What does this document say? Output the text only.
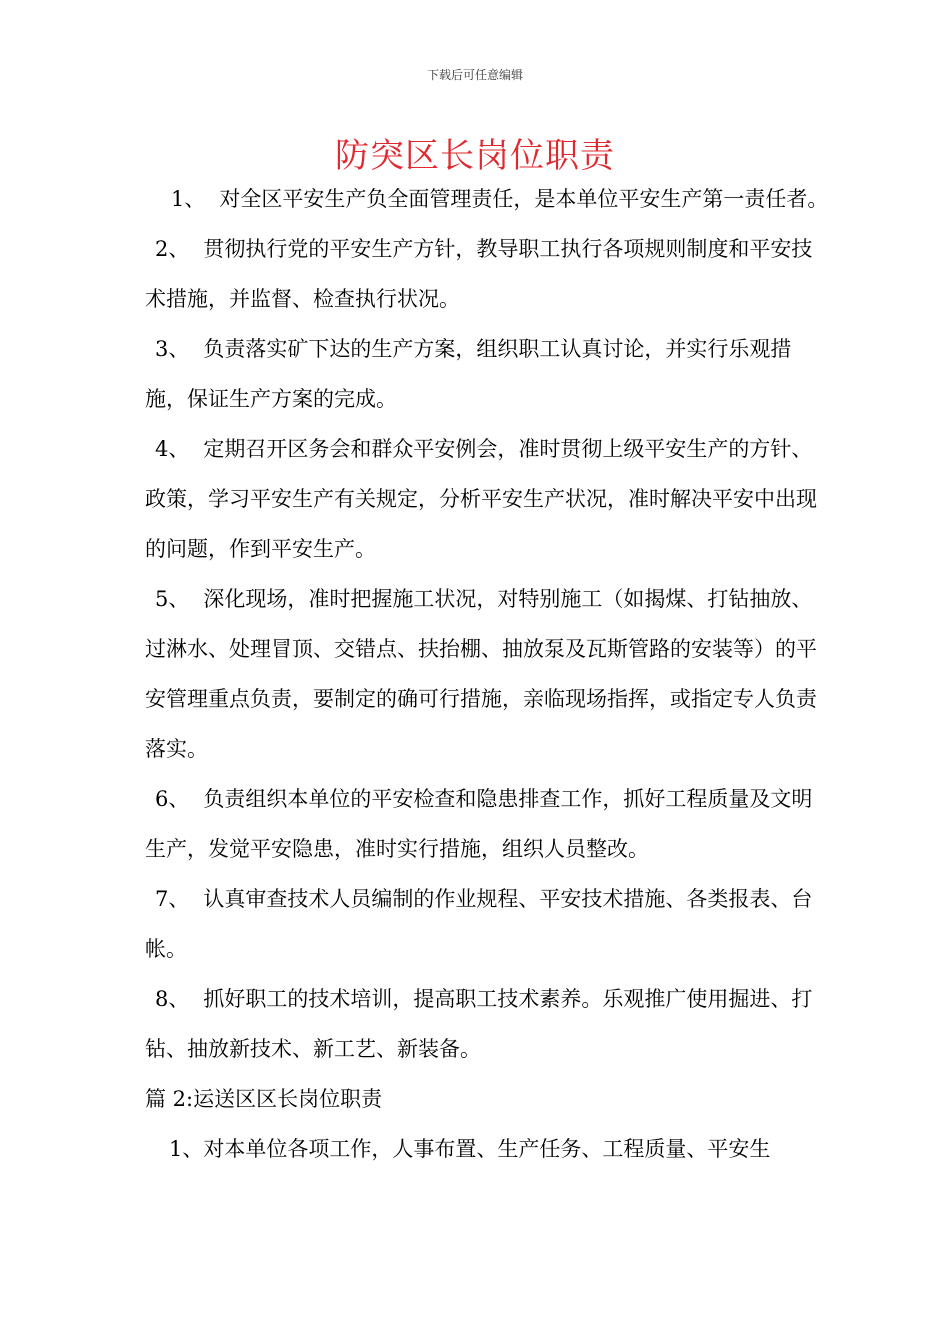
下载后可任意编辑
防突区长岗位职责

1、 对全区平安生产负全面管理责任，是本单位平安生产第一责任者。

2、 贯彻执行党的平安生产方针，教导职工执行各项规则制度和平安技术措施，并监督、检查执行状况。

3、 负责落实矿下达的生产方案，组织职工认真讨论，并实行乐观措施，保证生产方案的完成。

4、 定期召开区务会和群众平安例会，准时贯彻上级平安生产的方针、政策，学习平安生产有关规定，分析平安生产状况，准时解决平安中出现的问题，作到平安生产。

5、 深化现场，准时把握施工状况，对特别施工（如揭煤、打钻抽放、过淋水、处理冒顶、交错点、扶抬棚、抽放泵及瓦斯管路的安装等）的平安管理重点负责，要制定的确可行措施，亲临现场指挥，或指定专人负责落实。

6、 负责组织本单位的平安检查和隐患排查工作，抓好工程质量及文明生产，发觉平安隐患，准时实行措施，组织人员整改。

7、 认真审查技术人员编制的作业规程、平安技术措施、各类报表、台帐。

8、 抓好职工的技术培训，提高职工技术素养。乐观推广使用掘进、打钻、抽放新技术、新工艺、新装备。

篇 2:运送区区长岗位职责

1、对本单位各项工作，人事布置、生产任务、工程质量、平安生
